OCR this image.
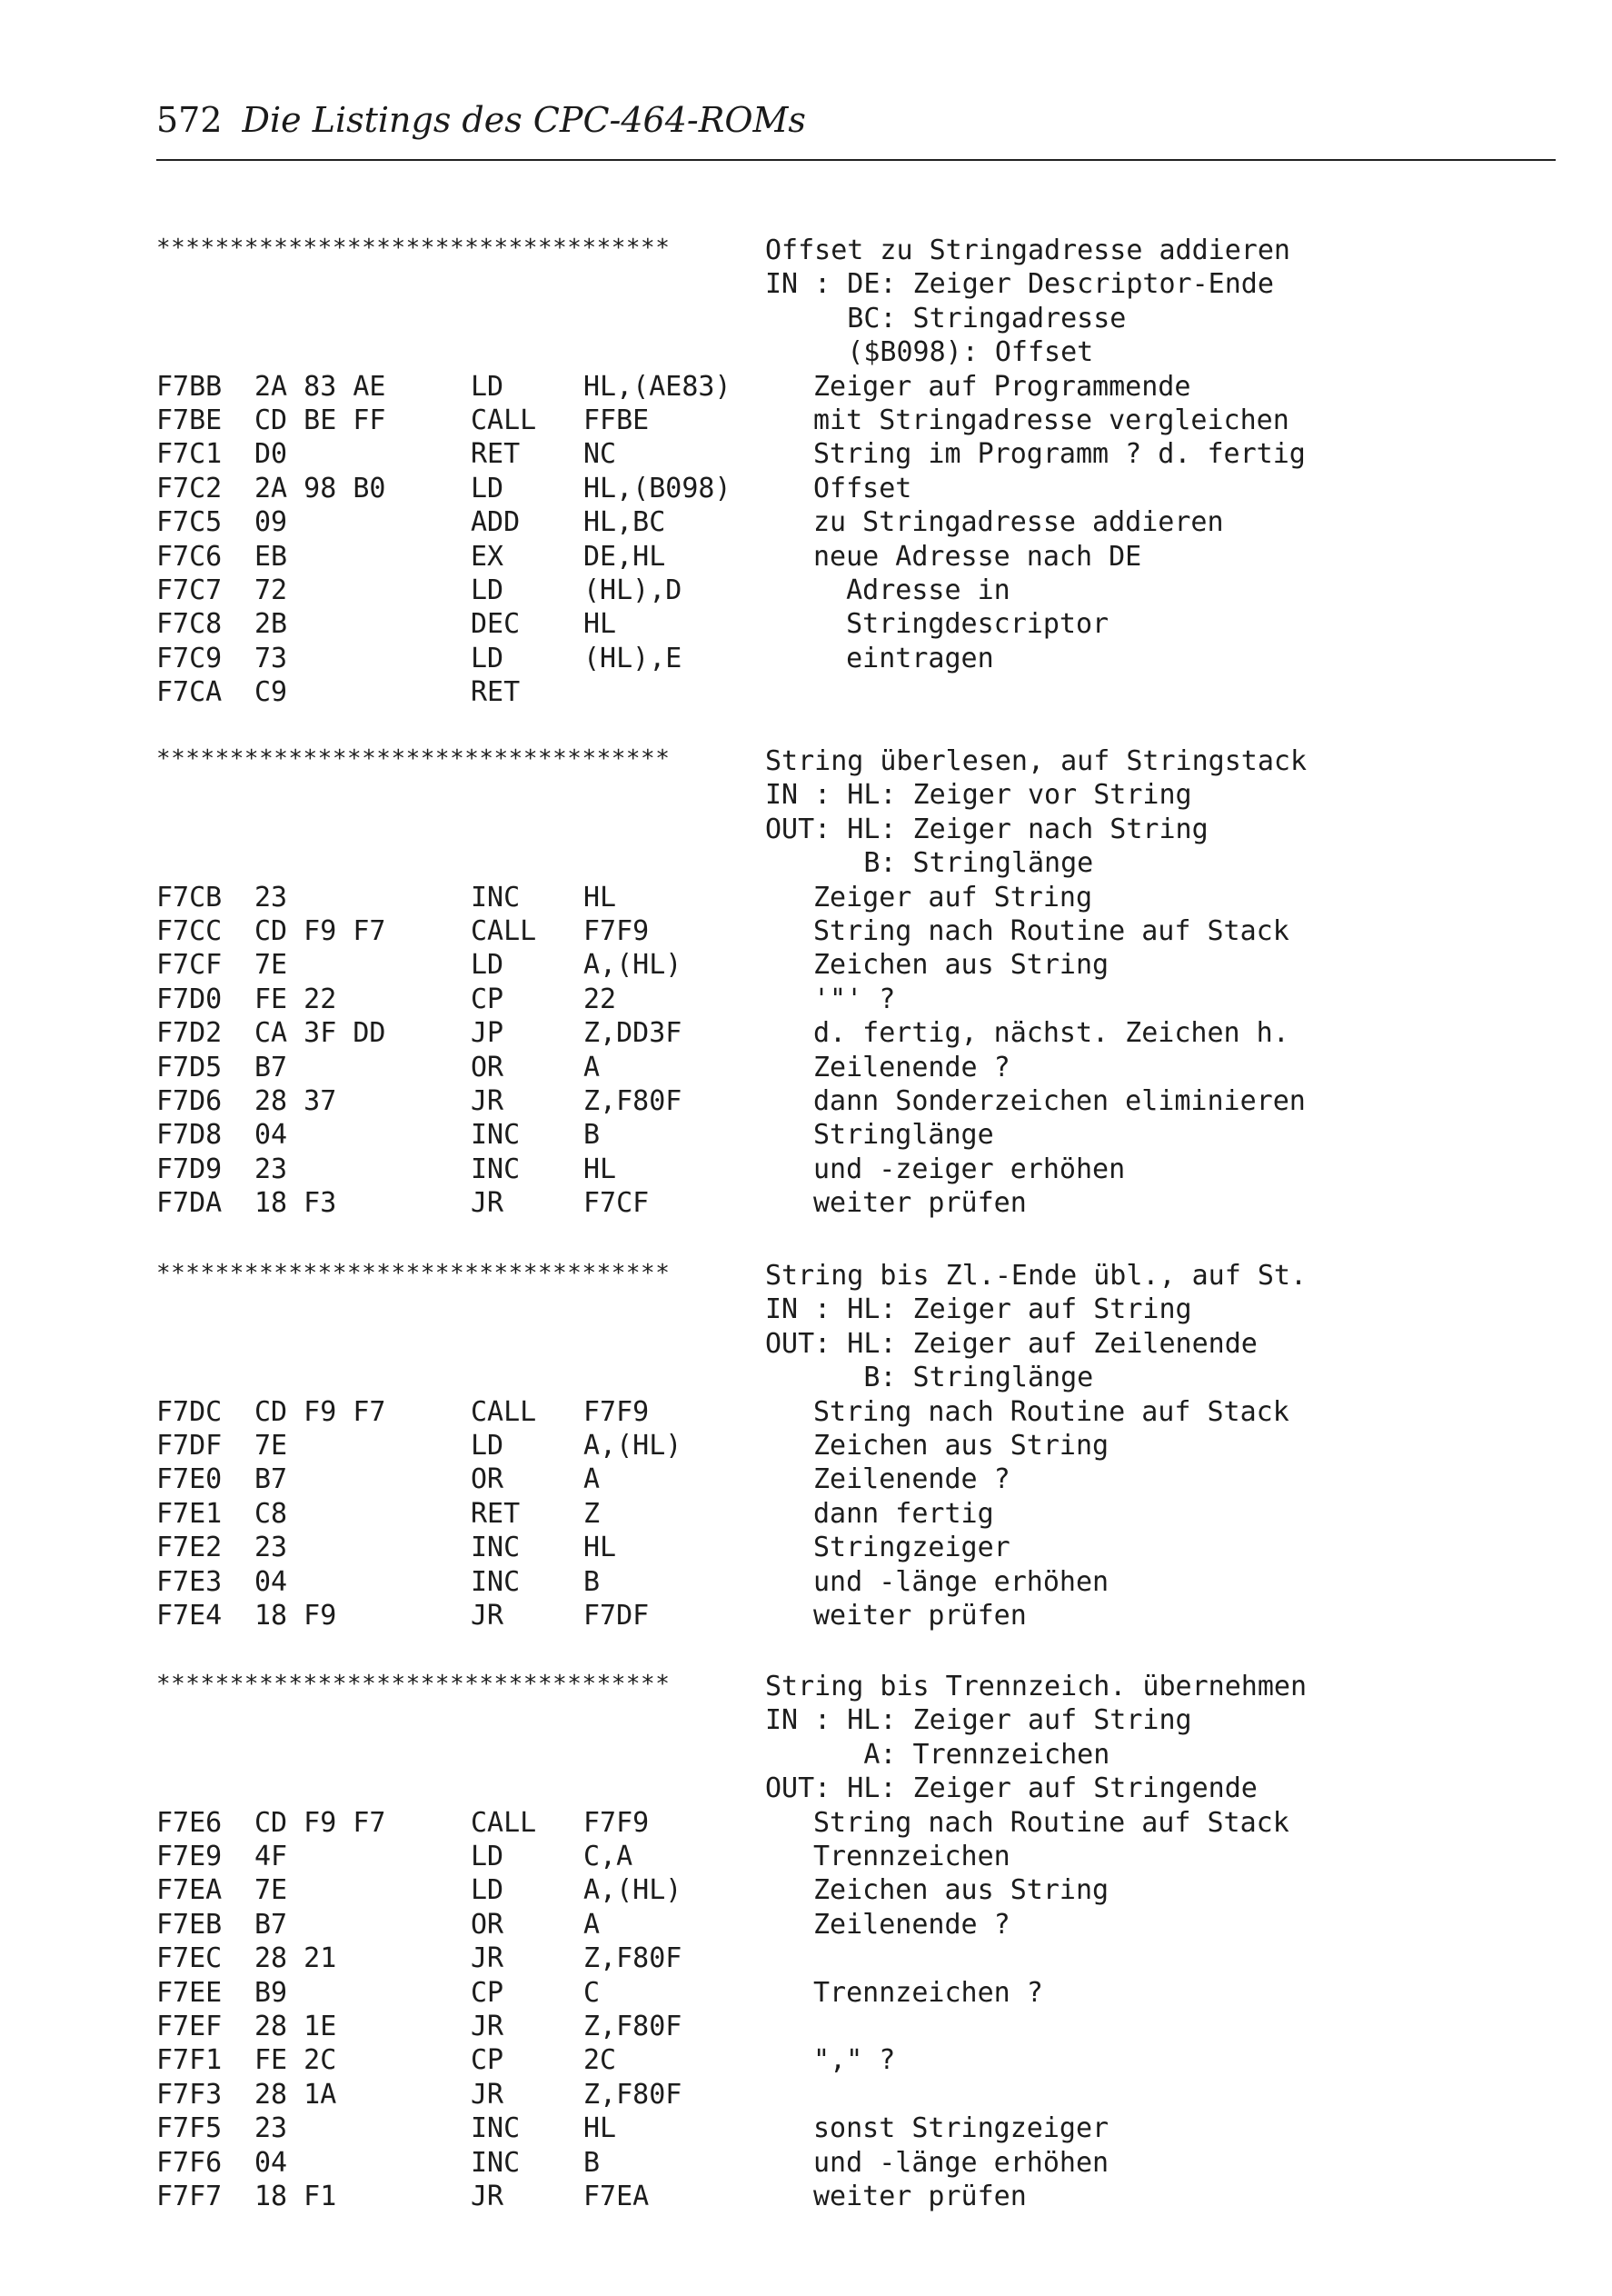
572 Die Listings des CPC-464-ROMs
***********************************	Offset zu Stringadresse addieren
IN : DE: Zeiger Descriptor-Ende
BC: Stringadresse
($B098): Offset
F7BB 2A 83 AE	LD	HL,(AE83)	Zeiger auf Programmende
F7BE CD BE FF	CALL FFBE	mit Stringadresse vergleichen
F7C1 D0	RET NC	String im Programm ? d. fertig
F7C2 2A 98 B0	LD	HL,(B098)	Offset
F7C5 09	ADD HL,BC	zu Stringadresse addieren
F7C6 EB	EX	DE,HL	neue Adresse nach DE
F7C7 72	LD	(HL),D	Adresse in
F7C8 2B	DEC HL	Stringdescriptor
F7C9 73	LD	(HL),E	eintragen
F7CA C9	RET
***********************************	String überlesen, auf Stringstack
IN : HL: Zeiger vor String
OUT: HL: Zeiger nach String
B: Stringlänge
F7CB 23	INC HL	Zeiger auf String
F7CC CD F9 F7	CALL F7F9	String nach Routine auf Stack
F7CF 7E	LD	A,(HL)	Zeichen aus String
F7D0 FE 22	CP	22	'"' ?
F7D2 CA 3F DD	JP	Z,DD3F	d. fertig, nächst. Zeichen h.
F7D5 B7	OR	A	Zeilenende ?
F7D6 28 37	JR	Z,F80F	dann Sonderzeichen eliminieren
F7D8 04	INC B	Stringlänge
F7D9 23	INC HL	und -zeiger erhöhen
F7DA 18 F3	JR	F7CF	weiter prüfen
***********************************	String bis Zl.-Ende übl., auf St.
IN : HL: Zeiger auf String
OUT: HL: Zeiger auf Zeilenende
B: Stringlänge
F7DC CD F9 F7	CALL F7F9	String nach Routine auf Stack
F7DF 7E	LD	A,(HL)	Zeichen aus String
F7E0 B7	OR	A	Zeilenende ?
F7E1 C8	RET Z	dann fertig
F7E2 23	INC HL	Stringzeiger
F7E3 04	INC B	und -länge erhöhen
F7E4 18 F9	JR	F7DF	weiter prüfen
***********************************	String bis Trennzeich. übernehmen
IN : HL: Zeiger auf String
A: Trennzeichen
OUT: HL: Zeiger auf Stringende
F7E6 CD F9 F7	CALL F7F9	String nach Routine auf Stack
F7E9 4F	LD	C,A	Trennzeichen
F7EA 7E	LD	A,(HL)	Zeichen aus String
F7EB B7	OR	A	Zeilenende ?
F7EC 28 21	JR	Z,F80F
F7EE B9	CP	C	Trennzeichen ?
F7EF 28 1E	JR	Z,F80F
F7F1 FE 2C	CP	2C	"," ?
F7F3 28 1A	JR	Z,F80F
F7F5 23	INC HL	sonst Stringzeiger
F7F6 04	INC B	und -länge erhöhen
F7F7 18 F1	JR	F7EA	weiter prüfen
